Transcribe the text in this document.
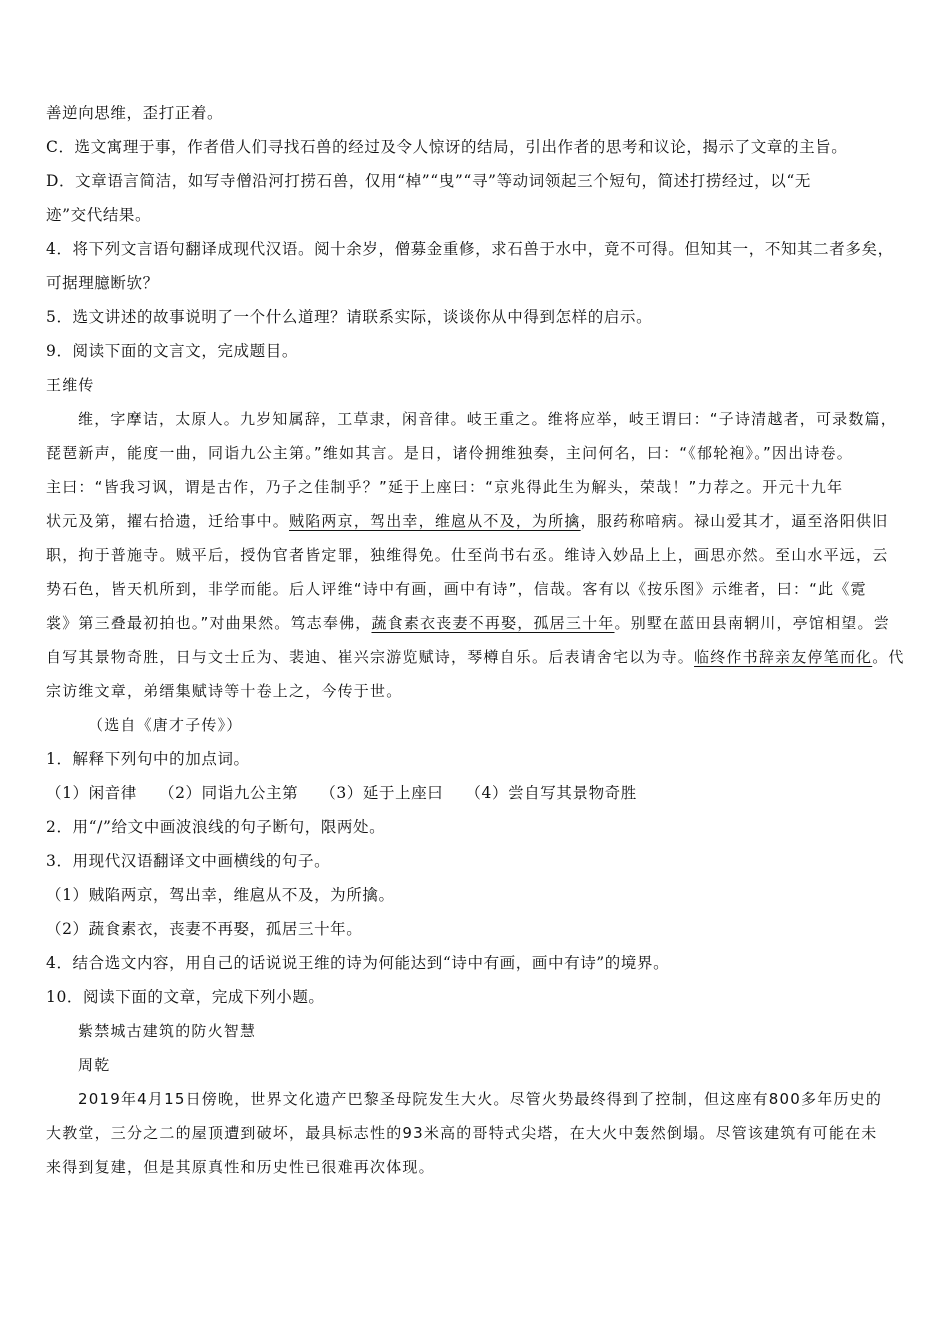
善逆向思维，歪打正着。
C．选文寓理于事，作者借人们寻找石兽的经过及令人惊讶的结局，引出作者的思考和议论，揭示了文章的主旨。
D．文章语言简洁，如写寺僧沿河打捞石兽，仅用“棹”“曳”“寻”等动词领起三个短句，简述打捞经过，以“无
迹”交代结果。
4．将下列文言语句翻译成现代汉语。阅十余岁，僧募金重修，求石兽于水中，竟不可得。但知其一，不知其二者多矣，
可据理臆断欤？
5．选文讲述的故事说明了一个什么道理？请联系实际，谈谈你从中得到怎样的启示。
9．阅读下面的文言文，完成题目。
王维传
维，字摩诘，太原人。九岁知属辞，工草隶，闲音律。岐王重之。维将应举，岐王谓曰：“子诗清越者，可录数篇，
琵琶新声，能度一曲，同诣九公主第。”维如其言。是日，诸伶拥维独奏，主问何名，曰：“《郁轮袍》。”因出诗卷。
主曰：“皆我习讽，谓是古作，乃子之佳制乎？”延于上座曰：“京兆得此生为解头，荣哉！”力荐之。开元十九年
状元及第，擢右拾遗，迁给事中。贼陷两京，驾出幸，维扈从不及，为所擒，服药称喑病。禄山爱其才，逼至洛阳供旧
职，拘于普施寺。贼平后，授伪官者皆定罪，独维得免。仕至尚书右丞。维诗入妙品上上，画思亦然。至山水平远，云
势石色，皆天机所到，非学而能。后人评维“诗中有画，画中有诗”，信哉。客有以《按乐图》示维者，曰：“此《霓
裳》第三叠最初拍也。”对曲果然。笃志奉佛，蔬食素衣丧妻不再娶，孤居三十年。别墅在蓝田县南辋川，亭馆相望。尝
自写其景物奇胜，日与文士丘为、裴迪、崔兴宗游览赋诗，琴樽自乐。后表请舍宅以为寺。临终作书辞亲友停笔而化。代
宗访维文章，弟缙集赋诗等十卷上之，今传于世。
（选自《唐才子传》）
1．解释下列句中的加点词。
（1）闲音律 （2）同诣九公主第 （3）延于上座曰 （4）尝自写其景物奇胜
2．用“/”给文中画波浪线的句子断句，限两处。
3．用现代汉语翻译文中画横线的句子。
（1）贼陷两京，驾出幸，维扈从不及，为所擒。
（2）蔬食素衣，丧妻不再娶，孤居三十年。
4．结合选文内容，用自己的话说说王维的诗为何能达到“诗中有画，画中有诗”的境界。
10．阅读下面的文章，完成下列小题。
紫禁城古建筑的防火智慧
周乾
2019年4月15日傍晚，世界文化遗产巴黎圣母院发生大火。尽管火势最终得到了控制，但这座有800多年历史的
大教堂，三分之二的屋顶遭到破坏，最具标志性的93米高的哥特式尖塔，在大火中轰然倒塌。尽管该建筑有可能在未
来得到复建，但是其原真性和历史性已很难再次体现。
